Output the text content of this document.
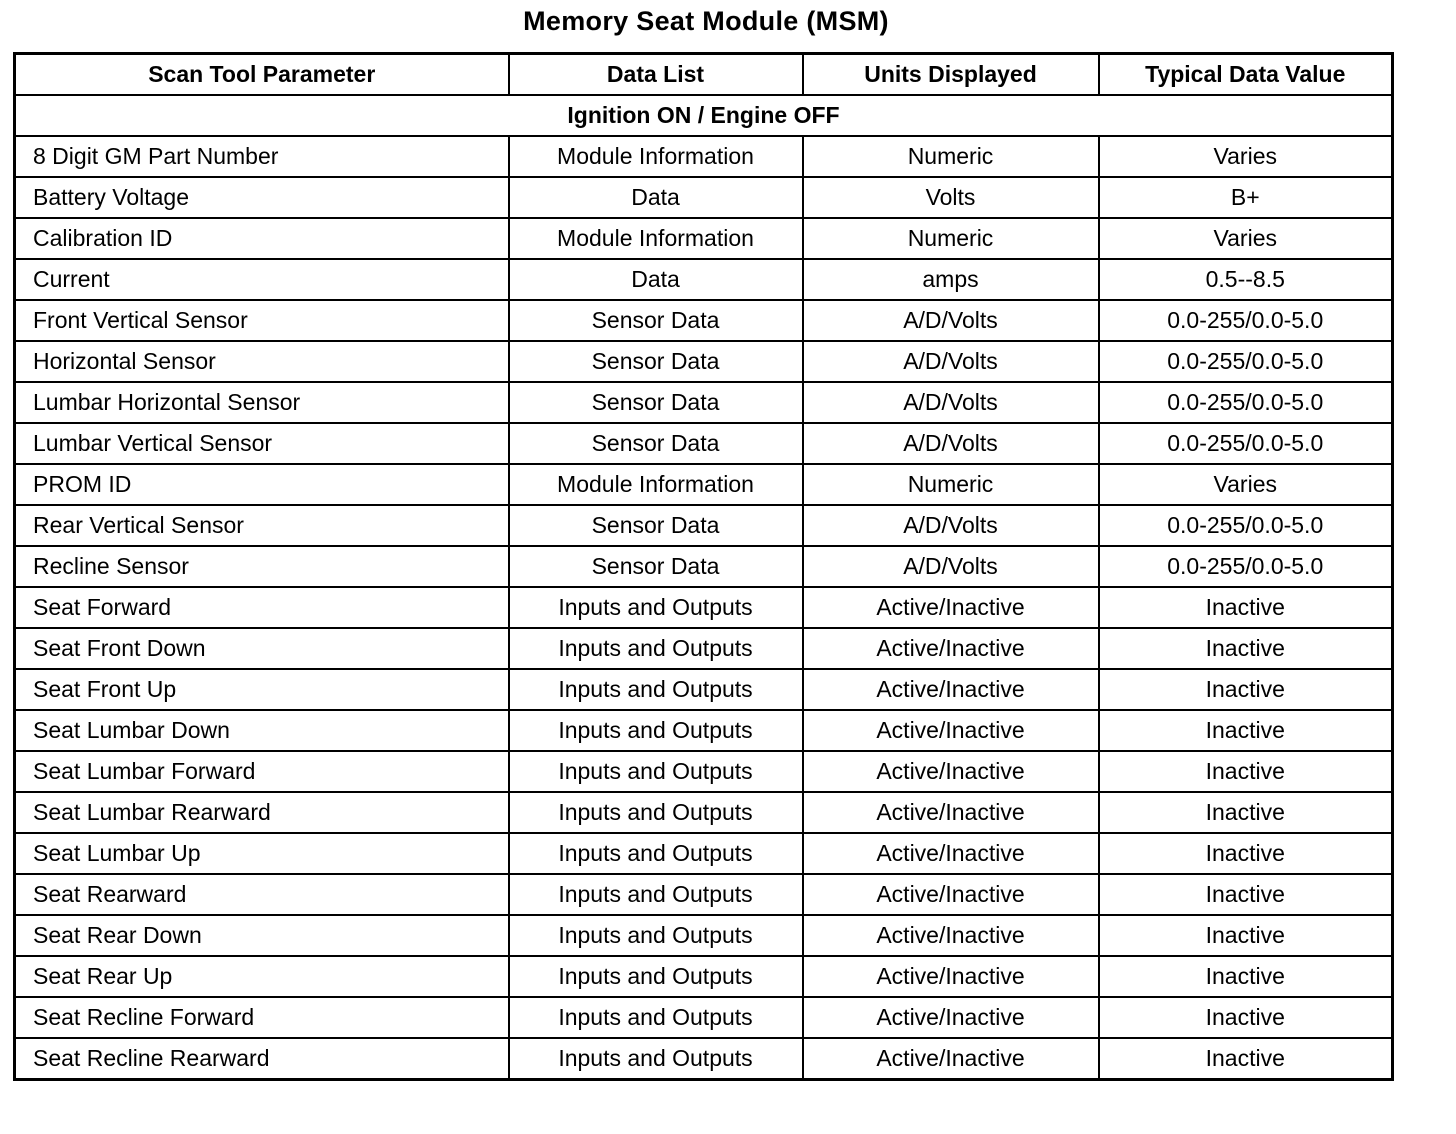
Memory Seat Module (MSM)
Scan Tool Parameter	Data List	Units Displayed	Typical Data Value
Ignition ON / Engine OFF			
8 Digit GM Part Number	Module Information	Numeric	Varies
Battery Voltage	Data	Volts	B+
Calibration ID	Module Information	Numeric	Varies
Current	Data	amps	0.5--8.5
Front Vertical Sensor	Sensor Data	A/D/Volts	0.0-255/0.0-5.0
Horizontal Sensor	Sensor Data	A/D/Volts	0.0-255/0.0-5.0
Lumbar Horizontal Sensor	Sensor Data	A/D/Volts	0.0-255/0.0-5.0
Lumbar Vertical Sensor	Sensor Data	A/D/Volts	0.0-255/0.0-5.0
PROM ID	Module Information	Numeric	Varies
Rear Vertical Sensor	Sensor Data	A/D/Volts	0.0-255/0.0-5.0
Recline Sensor	Sensor Data	A/D/Volts	0.0-255/0.0-5.0
Seat Forward	Inputs and Outputs	Active/Inactive	Inactive
Seat Front Down	Inputs and Outputs	Active/Inactive	Inactive
Seat Front Up	Inputs and Outputs	Active/Inactive	Inactive
Seat Lumbar Down	Inputs and Outputs	Active/Inactive	Inactive
Seat Lumbar Forward	Inputs and Outputs	Active/Inactive	Inactive
Seat Lumbar Rearward	Inputs and Outputs	Active/Inactive	Inactive
Seat Lumbar Up	Inputs and Outputs	Active/Inactive	Inactive
Seat Rearward	Inputs and Outputs	Active/Inactive	Inactive
Seat Rear Down	Inputs and Outputs	Active/Inactive	Inactive
Seat Rear Up	Inputs and Outputs	Active/Inactive	Inactive
Seat Recline Forward	Inputs and Outputs	Active/Inactive	Inactive
Seat Recline Rearward	Inputs and Outputs	Active/Inactive	Inactive
